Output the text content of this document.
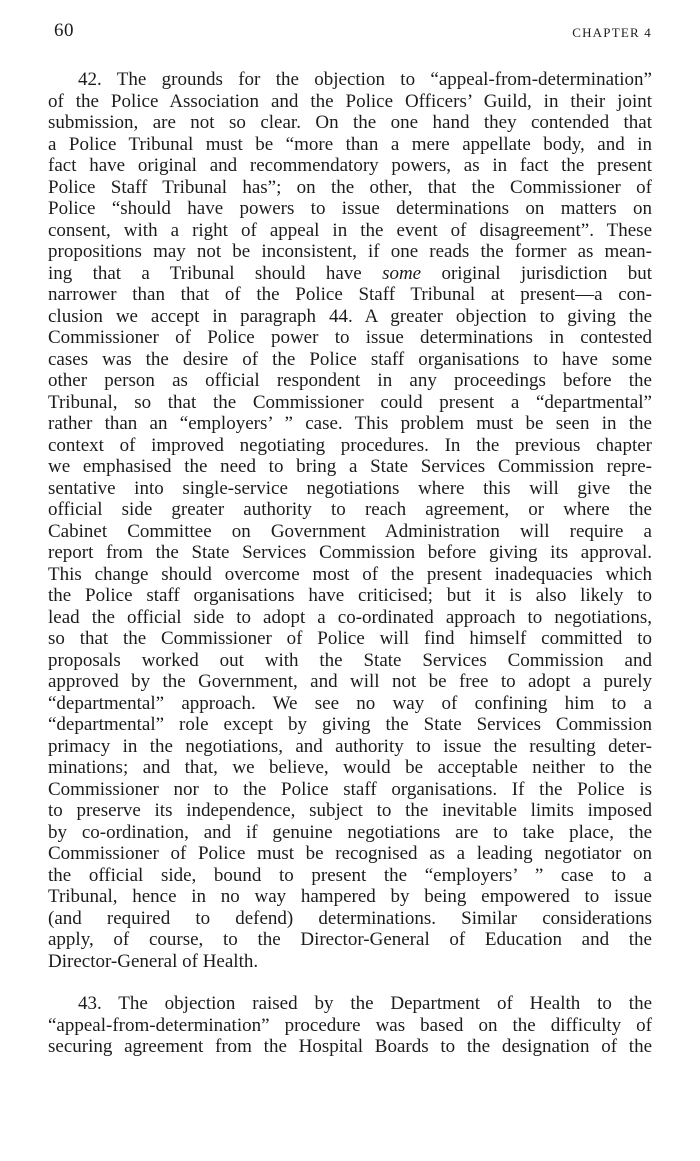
60	CHAPTER 4
42. The grounds for the objection to “appeal-from-determination”
of the Police Association and the Police Officers’ Guild, in their joint
submission, are not so clear. On the one hand they contended that
a Police Tribunal must be “more than a mere appellate body, and in
fact have original and recommendatory powers, as in fact the present
Police Staff Tribunal has”; on the other, that the Commissioner of
Police “should have powers to issue determinations on matters on
consent, with a right of appeal in the event of disagreement”. These
propositions may not be inconsistent, if one reads the former as mean-
ing that a Tribunal should have some original jurisdiction but
narrower than that of the Police Staff Tribunal at present—a con-
clusion we accept in paragraph 44. A greater objection to giving the
Commissioner of Police power to issue determinations in contested
cases was the desire of the Police staff organisations to have some
other person as official respondent in any proceedings before the
Tribunal, so that the Commissioner could present a “departmental”
rather than an “employers’ ” case. This problem must be seen in the
context of improved negotiating procedures. In the previous chapter
we emphasised the need to bring a State Services Commission repre-
sentative into single-service negotiations where this will give the
official side greater authority to reach agreement, or where the
Cabinet Committee on Government Administration will require a
report from the State Services Commission before giving its approval.
This change should overcome most of the present inadequacies which
the Police staff organisations have criticised; but it is also likely to
lead the official side to adopt a co-ordinated approach to negotiations,
so that the Commissioner of Police will find himself committed to
proposals worked out with the State Services Commission and
approved by the Government, and will not be free to adopt a purely
“departmental” approach. We see no way of confining him to a
“departmental” role except by giving the State Services Commission
primacy in the negotiations, and authority to issue the resulting deter-
minations; and that, we believe, would be acceptable neither to the
Commissioner nor to the Police staff organisations. If the Police is
to preserve its independence, subject to the inevitable limits imposed
by co-ordination, and if genuine negotiations are to take place, the
Commissioner of Police must be recognised as a leading negotiator on
the official side, bound to present the “employers’ ” case to a
Tribunal, hence in no way hampered by being empowered to issue
(and required to defend) determinations. Similar considerations
apply, of course, to the Director-General of Education and the
Director-General of Health.
43. The objection raised by the Department of Health to the
“appeal-from-determination” procedure was based on the difficulty of
securing agreement from the Hospital Boards to the designation of the
